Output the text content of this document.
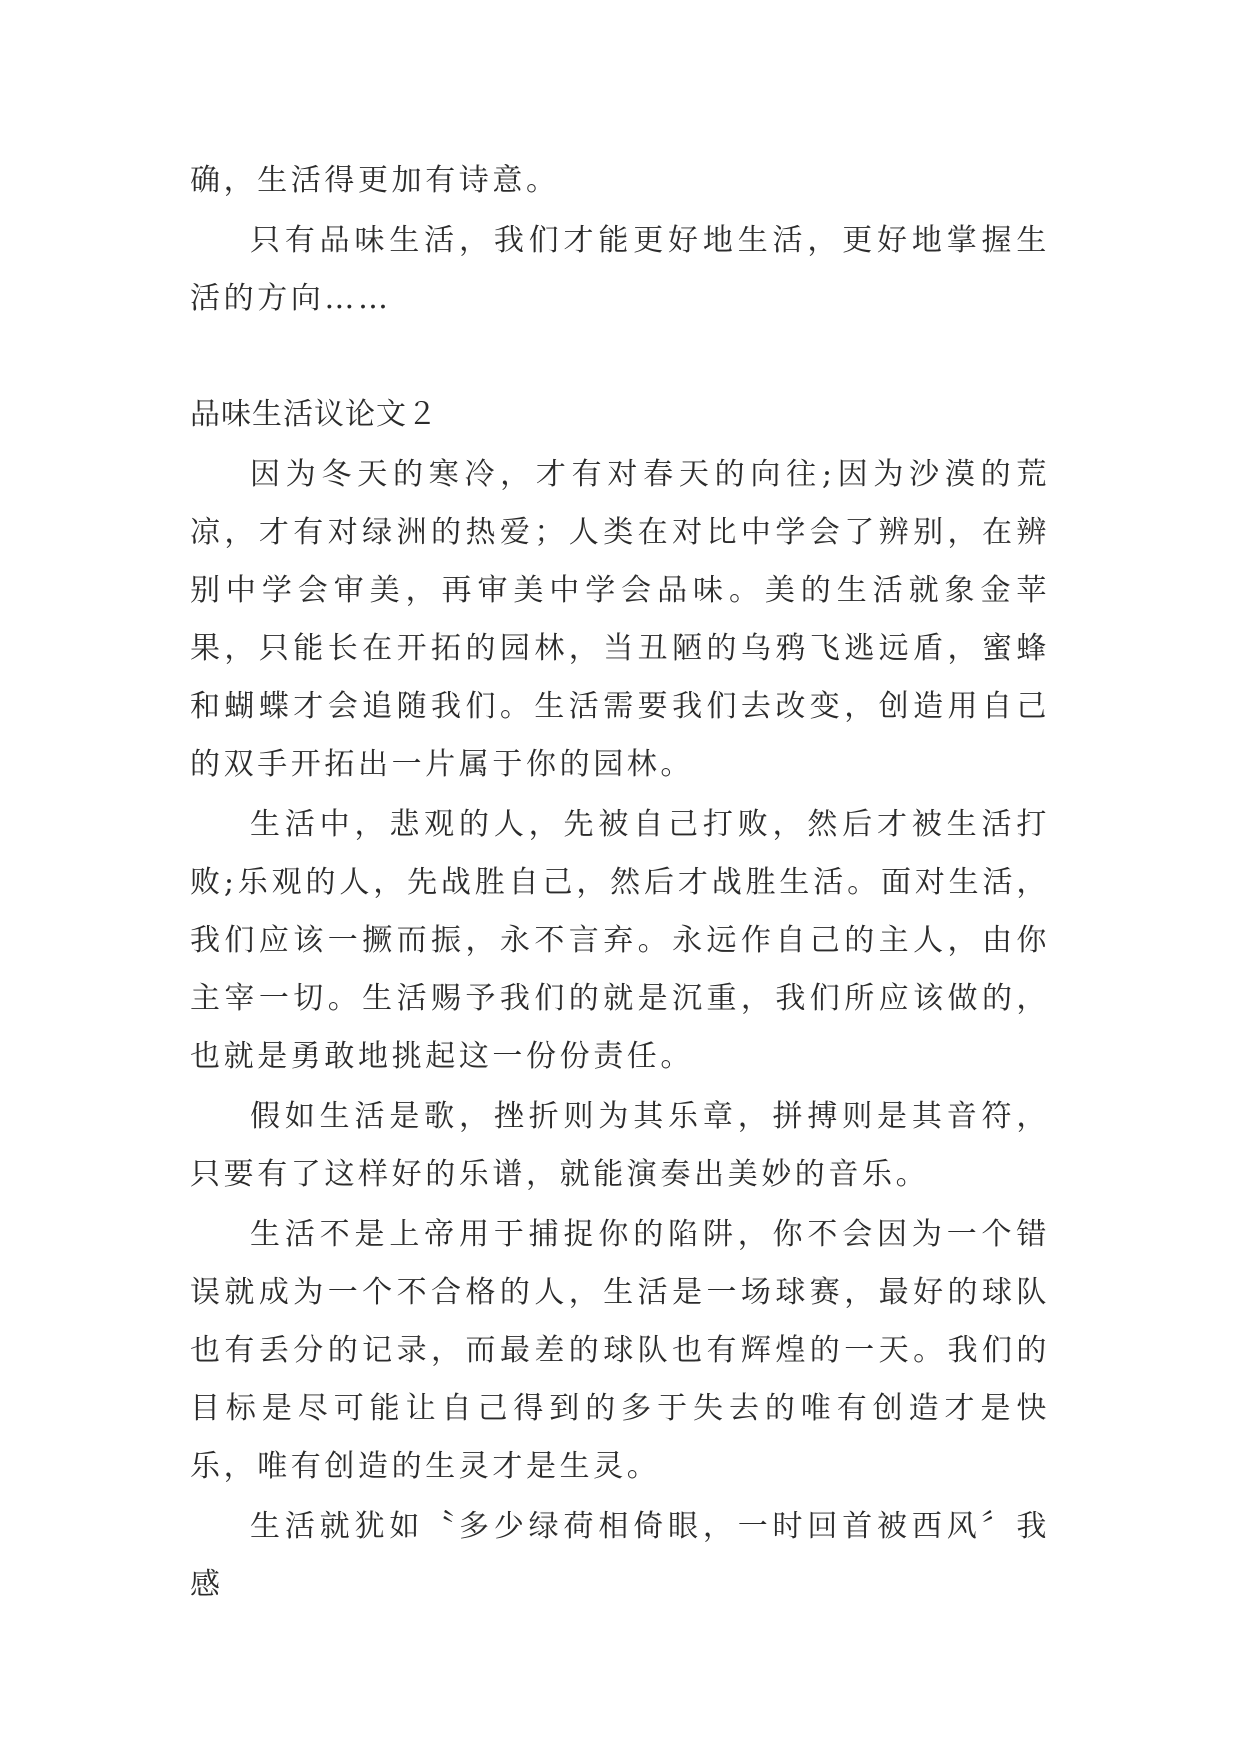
确，生活得更加有诗意。

只有品味生活，我们才能更好地生活，更好地掌握生活的方向……

品味生活议论文２

因为冬天的寒冷，才有对春天的向往;因为沙漠的荒凉，才有对绿洲的热爱；人类在对比中学会了辨别，在辨别中学会审美，再审美中学会品味。美的生活就象金苹果，只能长在开拓的园林，当丑陋的乌鸦飞逃远盾，蜜蜂和蝴蝶才会追随我们。生活需要我们去改变，创造用自己的双手开拓出一片属于你的园林。

生活中，悲观的人，先被自己打败，然后才被生活打败;乐观的人，先战胜自己，然后才战胜生活。面对生活，我们应该一撅而振，永不言弃。永远作自己的主人，由你主宰一切。生活赐予我们的就是沉重，我们所应该做的，也就是勇敢地挑起这一份份责任。

假如生活是歌，挫折则为其乐章，拼搏则是其音符，只要有了这样好的乐谱，就能演奏出美妙的音乐。

生活不是上帝用于捕捉你的陷阱，你不会因为一个错误就成为一个不合格的人，生活是一场球赛，最好的球队也有丢分的记录，而最差的球队也有辉煌的一天。我们的目标是尽可能让自己得到的多于失去的唯有创造才是快乐，唯有创造的生灵才是生灵。

生活就犹如〝多少绿荷相倚眼，一时回首被西风〞我感
